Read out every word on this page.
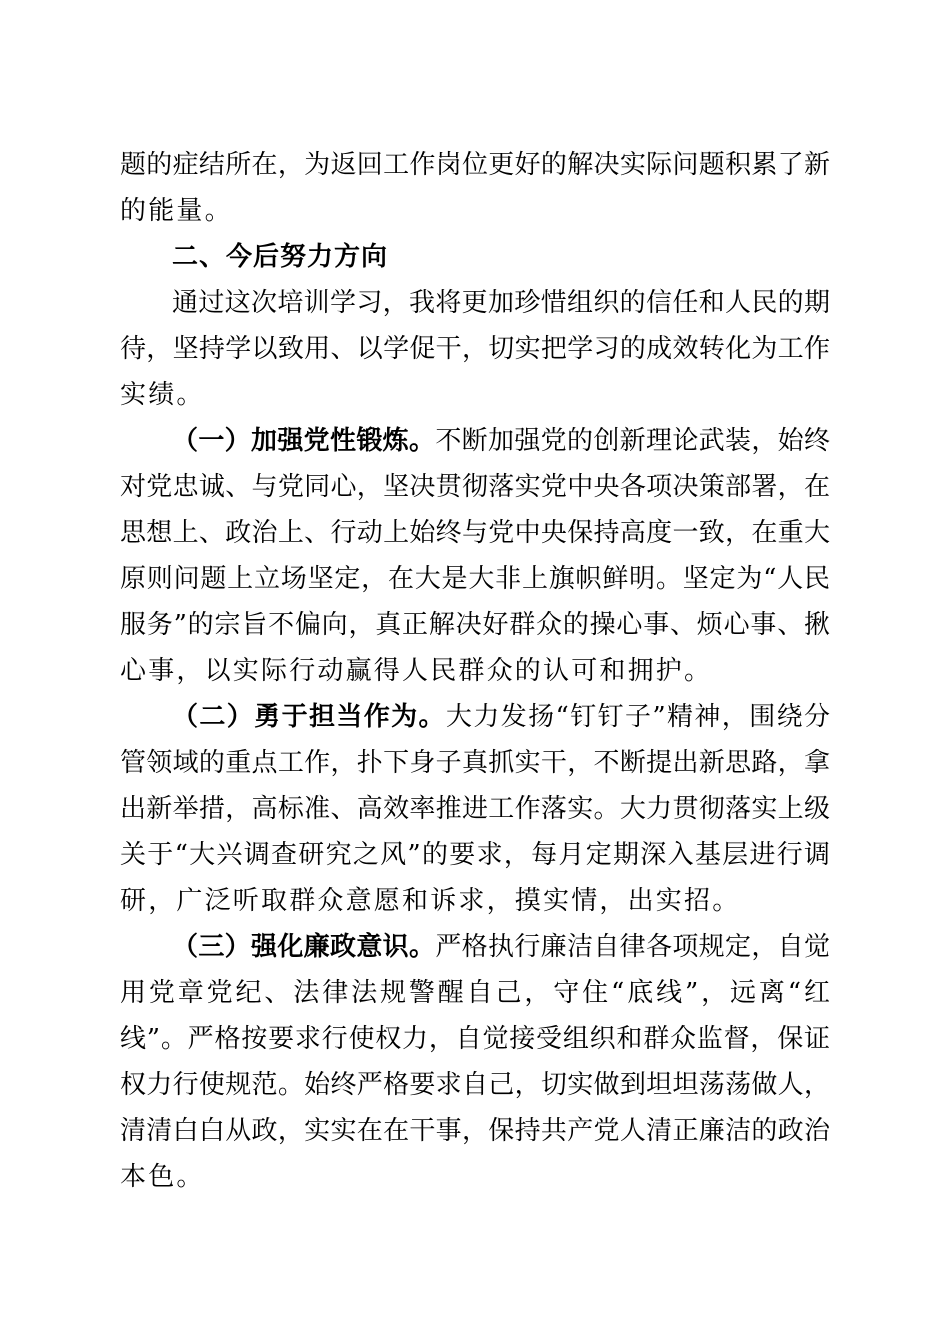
题的症结所在，为返回工作岗位更好的解决实际问题积累了新
的能量。
二、今后努力方向
通过这次培训学习，我将更加珍惜组织的信任和人民的期
待，坚持学以致用、以学促干，切实把学习的成效转化为工作
实绩。
（一）加强党性锻炼。不断加强党的创新理论武装，始终
对党忠诚、与党同心，坚决贯彻落实党中央各项决策部署，在
思想上、政治上、行动上始终与党中央保持高度一致，在重大
原则问题上立场坚定，在大是大非上旗帜鲜明。坚定为“人民
服务”的宗旨不偏向，真正解决好群众的操心事、烦心事、揪
心事，以实际行动赢得人民群众的认可和拥护。
（二）勇于担当作为。大力发扬“钉钉子”精神，围绕分
管领域的重点工作，扑下身子真抓实干，不断提出新思路，拿
出新举措，高标准、高效率推进工作落实。大力贯彻落实上级
关于“大兴调查研究之风”的要求，每月定期深入基层进行调
研，广泛听取群众意愿和诉求，摸实情，出实招。
（三）强化廉政意识。严格执行廉洁自律各项规定，自觉
用党章党纪、法律法规警醒自己，守住“底线”，远离“红
线”。严格按要求行使权力，自觉接受组织和群众监督，保证
权力行使规范。始终严格要求自己，切实做到坦坦荡荡做人，
清清白白从政，实实在在干事，保持共产党人清正廉洁的政治
本色。
